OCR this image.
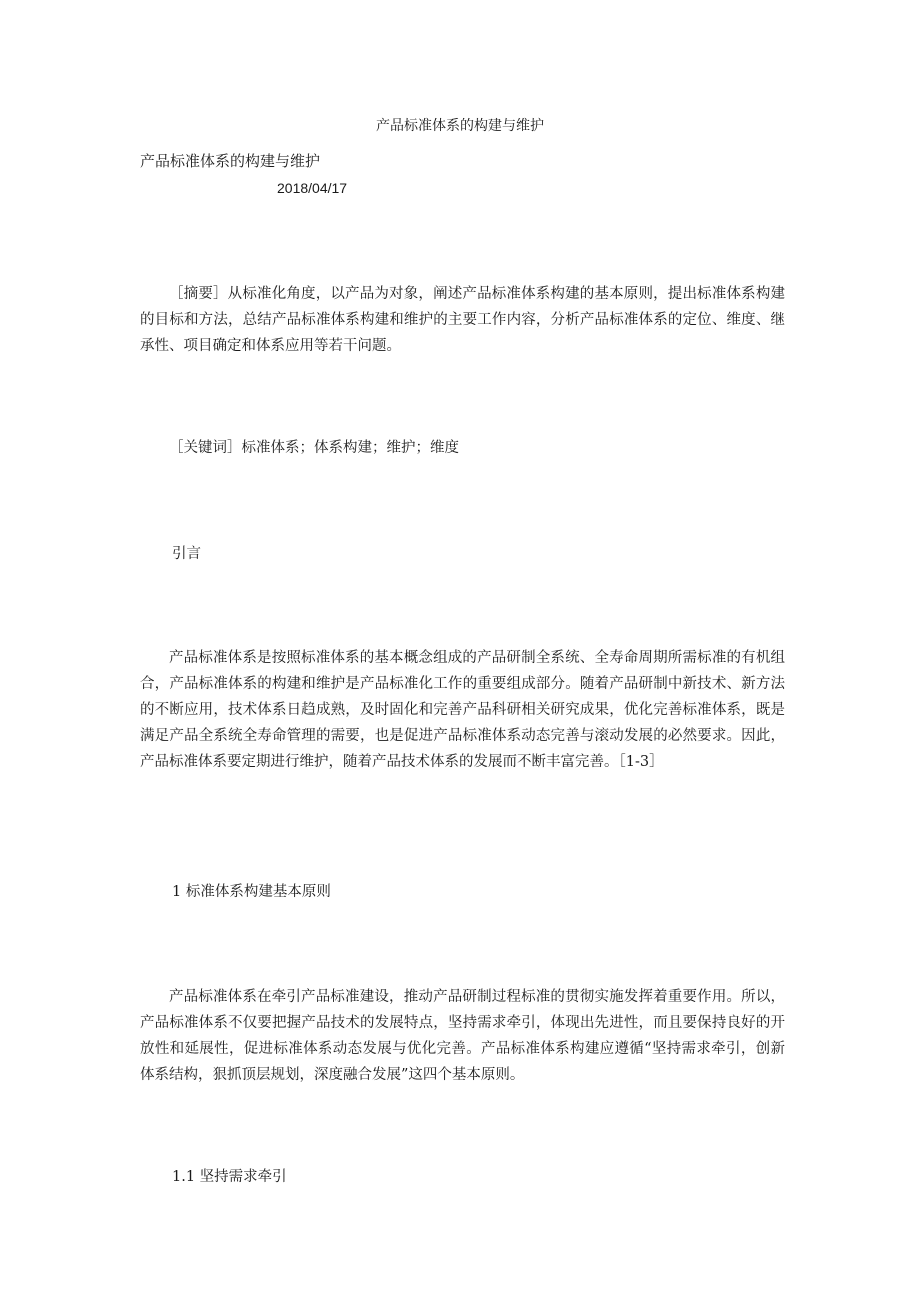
产品标准体系的构建与维护
产品标准体系的构建与维护
2018/04/17

［摘要］从标准化角度，以产品为对象，阐述产品标准体系构建的基本原则，提出标准体系构建的目标和方法，总结产品标准体系构建和维护的主要工作内容，分析产品标准体系的定位、维度、继承性、项目确定和体系应用等若干问题。

［关键词］标准体系；体系构建；维护；维度

引言

产品标准体系是按照标准体系的基本概念组成的产品研制全系统、全寿命周期所需标准的有机组合，产品标准体系的构建和维护是产品标准化工作的重要组成部分。随着产品研制中新技术、新方法的不断应用，技术体系日趋成熟，及时固化和完善产品科研相关研究成果，优化完善标准体系，既是满足产品全系统全寿命管理的需要，也是促进产品标准体系动态完善与滚动发展的必然要求。因此，产品标准体系要定期进行维护，随着产品技术体系的发展而不断丰富完善。［1-3］

1 标准体系构建基本原则

产品标准体系在牵引产品标准建设，推动产品研制过程标准的贯彻实施发挥着重要作用。所以，产品标准体系不仅要把握产品技术的发展特点，坚持需求牵引，体现出先进性，而且要保持良好的开放性和延展性，促进标准体系动态发展与优化完善。产品标准体系构建应遵循“坚持需求牵引，创新体系结构，狠抓顶层规划，深度融合发展”这四个基本原则。

1.1 坚持需求牵引
